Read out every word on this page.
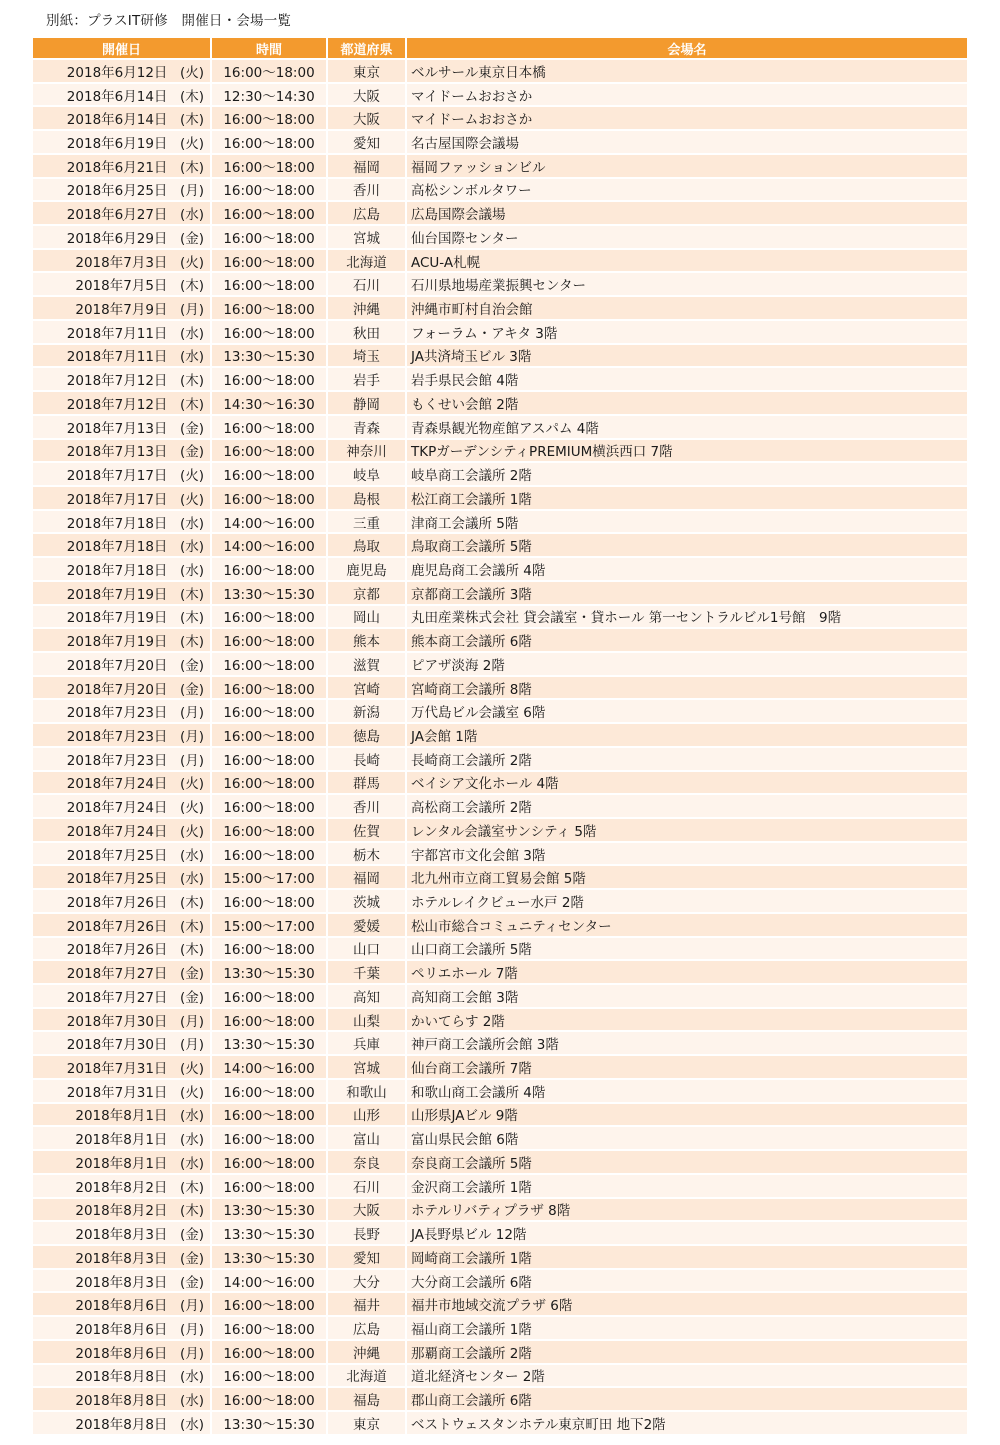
別紙：プラスIT研修　開催日・会場一覧
開催日	時間	都道府県	会場名

2018年6月12日 (火)	16:00～18:00	東京	ベルサール東京日本橋

2018年6月14日 (木)	12:30～14:30	大阪	マイドームおおさか

2018年6月14日 (木)	16:00～18:00	大阪	マイドームおおさか

2018年6月19日 (火)	16:00～18:00	愛知	名古屋国際会議場

2018年6月21日 (木)	16:00～18:00	福岡	福岡ファッションビル

2018年6月25日 (月)	16:00～18:00	香川	高松シンボルタワー

2018年6月27日 (水)	16:00～18:00	広島	広島国際会議場

2018年6月29日 (金)	16:00～18:00	宮城	仙台国際センター

2018年7月3日 (火)	16:00～18:00	北海道	ACU-A札幌

2018年7月5日 (木)	16:00～18:00	石川	石川県地場産業振興センター

2018年7月9日 (月)	16:00～18:00	沖縄	沖縄市町村自治会館

2018年7月11日 (水)	16:00～18:00	秋田	フォーラム・アキタ 3階

2018年7月11日 (水)	13:30～15:30	埼玉	JA共済埼玉ビル 3階

2018年7月12日 (木)	16:00～18:00	岩手	岩手県民会館 4階

2018年7月12日 (木)	14:30～16:30	静岡	もくせい会館 2階

2018年7月13日 (金)	16:00～18:00	青森	青森県観光物産館アスパム 4階

2018年7月13日 (金)	16:00～18:00	神奈川	TKPガーデンシティPREMIUM横浜西口 7階

2018年7月17日 (火)	16:00～18:00	岐阜	岐阜商工会議所 2階

2018年7月17日 (火)	16:00～18:00	島根	松江商工会議所 1階

2018年7月18日 (水)	14:00～16:00	三重	津商工会議所 5階

2018年7月18日 (水)	14:00～16:00	鳥取	鳥取商工会議所 5階

2018年7月18日 (水)	16:00～18:00	鹿児島	鹿児島商工会議所 4階

2018年7月19日 (木)	13:30～15:30	京都	京都商工会議所 3階

2018年7月19日 (木)	16:00～18:00	岡山	丸田産業株式会社 貸会議室・貸ホール 第一セントラルビル1号館　9階

2018年7月19日 (木)	16:00～18:00	熊本	熊本商工会議所 6階

2018年7月20日 (金)	16:00～18:00	滋賀	ピアザ淡海 2階

2018年7月20日 (金)	16:00～18:00	宮崎	宮崎商工会議所 8階

2018年7月23日 (月)	16:00～18:00	新潟	万代島ビル会議室 6階

2018年7月23日 (月)	16:00～18:00	徳島	JA会館 1階

2018年7月23日 (月)	16:00～18:00	長崎	長崎商工会議所 2階

2018年7月24日 (火)	16:00～18:00	群馬	ベイシア文化ホール 4階

2018年7月24日 (火)	16:00～18:00	香川	高松商工会議所 2階

2018年7月24日 (火)	16:00～18:00	佐賀	レンタル会議室サンシティ 5階

2018年7月25日 (水)	16:00～18:00	栃木	宇都宮市文化会館 3階

2018年7月25日 (水)	15:00～17:00	福岡	北九州市立商工貿易会館 5階

2018年7月26日 (木)	16:00～18:00	茨城	ホテルレイクビュー水戸 2階

2018年7月26日 (木)	15:00～17:00	愛媛	松山市総合コミュニティセンター

2018年7月26日 (木)	16:00～18:00	山口	山口商工会議所 5階

2018年7月27日 (金)	13:30～15:30	千葉	ペリエホール 7階

2018年7月27日 (金)	16:00～18:00	高知	高知商工会館 3階

2018年7月30日 (月)	16:00～18:00	山梨	かいてらす 2階

2018年7月30日 (月)	13:30～15:30	兵庫	神戸商工会議所会館 3階

2018年7月31日 (火)	14:00～16:00	宮城	仙台商工会議所 7階

2018年7月31日 (火)	16:00～18:00	和歌山	和歌山商工会議所 4階

2018年8月1日 (水)	16:00～18:00	山形	山形県JAビル 9階

2018年8月1日 (水)	16:00～18:00	富山	富山県民会館 6階

2018年8月1日 (水)	16:00～18:00	奈良	奈良商工会議所 5階

2018年8月2日 (木)	16:00～18:00	石川	金沢商工会議所 1階

2018年8月2日 (木)	13:30～15:30	大阪	ホテルリバティプラザ 8階

2018年8月3日 (金)	13:30～15:30	長野	JA長野県ビル 12階

2018年8月3日 (金)	13:30～15:30	愛知	岡崎商工会議所 1階

2018年8月3日 (金)	14:00～16:00	大分	大分商工会議所 6階

2018年8月6日 (月)	16:00～18:00	福井	福井市地域交流プラザ 6階

2018年8月6日 (月)	16:00～18:00	広島	福山商工会議所 1階

2018年8月6日 (月)	16:00～18:00	沖縄	那覇商工会議所 2階

2018年8月8日 (水)	16:00～18:00	北海道	道北経済センター 2階

2018年8月8日 (水)	16:00～18:00	福島	郡山商工会議所 6階

2018年8月8日 (水)	13:30～15:30	東京	ベストウェスタンホテル東京町田 地下2階
